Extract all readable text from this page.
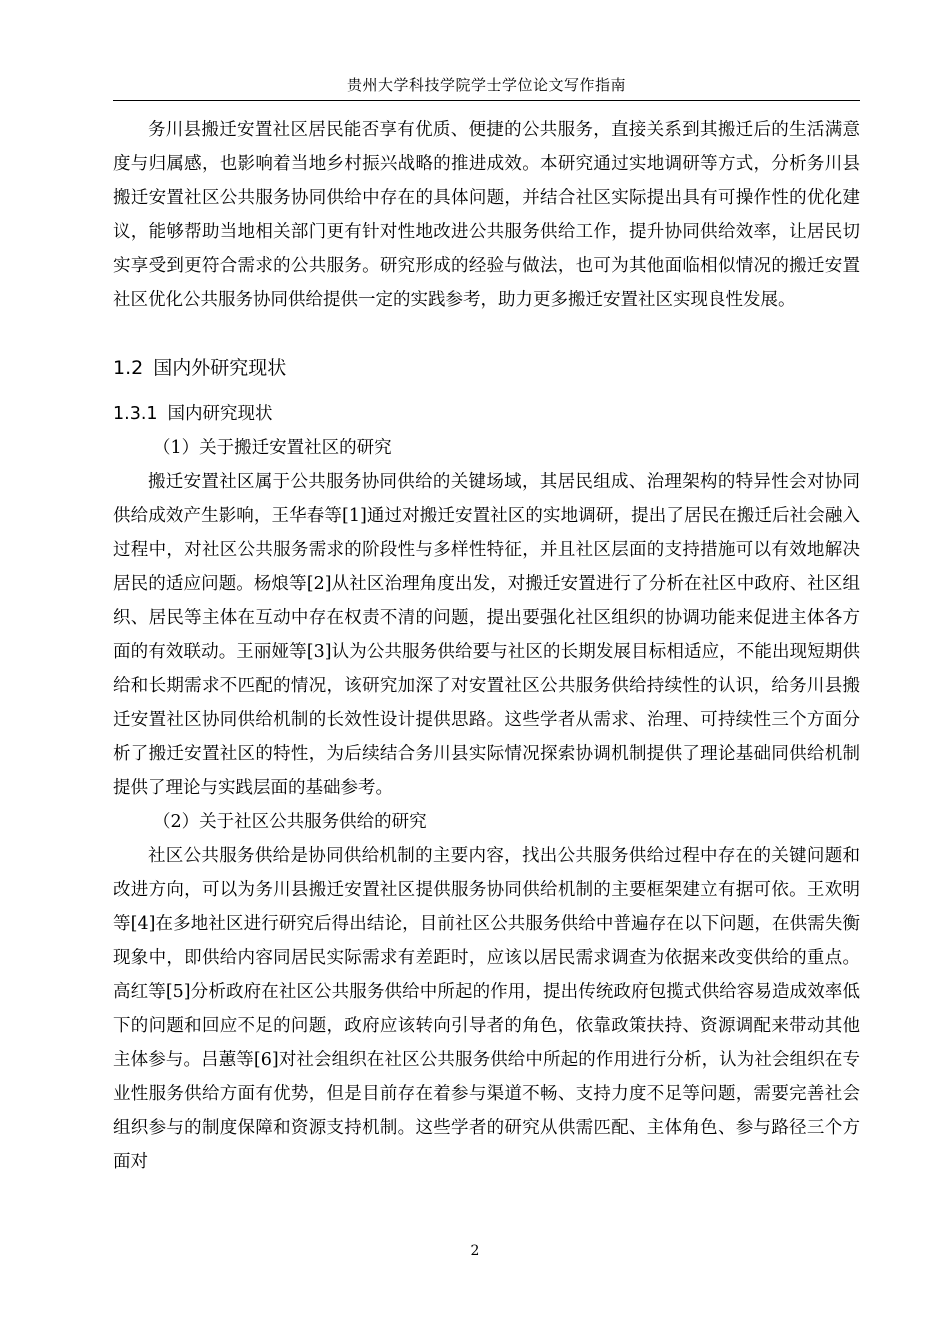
贵州大学科技学院学士学位论文写作指南

务川县搬迁安置社区居民能否享有优质、便捷的公共服务，直接关系到其搬迁后的生活满意度与归属感，也影响着当地乡村振兴战略的推进成效。本研究通过实地调研等方式，分析务川县搬迁安置社区公共服务协同供给中存在的具体问题，并结合社区实际提出具有可操作性的优化建议，能够帮助当地相关部门更有针对性地改进公共服务供给工作，提升协同供给效率，让居民切实享受到更符合需求的公共服务。研究形成的经验与做法，也可为其他面临相似情况的搬迁安置社区优化公共服务协同供给提供一定的实践参考，助力更多搬迁安置社区实现良性发展。

1.2 国内外研究现状
1.3.1 国内研究现状

（1）关于搬迁安置社区的研究

搬迁安置社区属于公共服务协同供给的关键场域，其居民组成、治理架构的特异性会对协同供给成效产生影响，王华春等[1]通过对搬迁安置社区的实地调研，提出了居民在搬迁后社会融入过程中，对社区公共服务需求的阶段性与多样性特征，并且社区层面的支持措施可以有效地解决居民的适应问题。杨烺等[2]从社区治理角度出发，对搬迁安置进行了分析在社区中政府、社区组织、居民等主体在互动中存在权责不清的问题，提出要强化社区组织的协调功能来促进主体各方面的有效联动。王丽娅等[3]认为公共服务供给要与社区的长期发展目标相适应，不能出现短期供给和长期需求不匹配的情况，该研究加深了对安置社区公共服务供给持续性的认识，给务川县搬迁安置社区协同供给机制的长效性设计提供思路。这些学者从需求、治理、可持续性三个方面分析了搬迁安置社区的特性，为后续结合务川县实际情况探索协调机制提供了理论基础同供给机制提供了理论与实践层面的基础参考。

（2）关于社区公共服务供给的研究

社区公共服务供给是协同供给机制的主要内容，找出公共服务供给过程中存在的关键问题和改进方向，可以为务川县搬迁安置社区提供服务协同供给机制的主要框架建立有据可依。王欢明等[4]在多地社区进行研究后得出结论，目前社区公共服务供给中普遍存在以下问题，在供需失衡现象中，即供给内容同居民实际需求有差距时，应该以居民需求调查为依据来改变供给的重点。高红等[5]分析政府在社区公共服务供给中所起的作用，提出传统政府包揽式供给容易造成效率低下的问题和回应不足的问题，政府应该转向引导者的角色，依靠政策扶持、资源调配来带动其他主体参与。吕蕙等[6]对社会组织在社区公共服务供给中所起的作用进行分析，认为社会组织在专业性服务供给方面有优势，但是目前存在着参与渠道不畅、支持力度不足等问题，需要完善社会组织参与的制度保障和资源支持机制。这些学者的研究从供需匹配、主体角色、参与路径三个方面对

2
